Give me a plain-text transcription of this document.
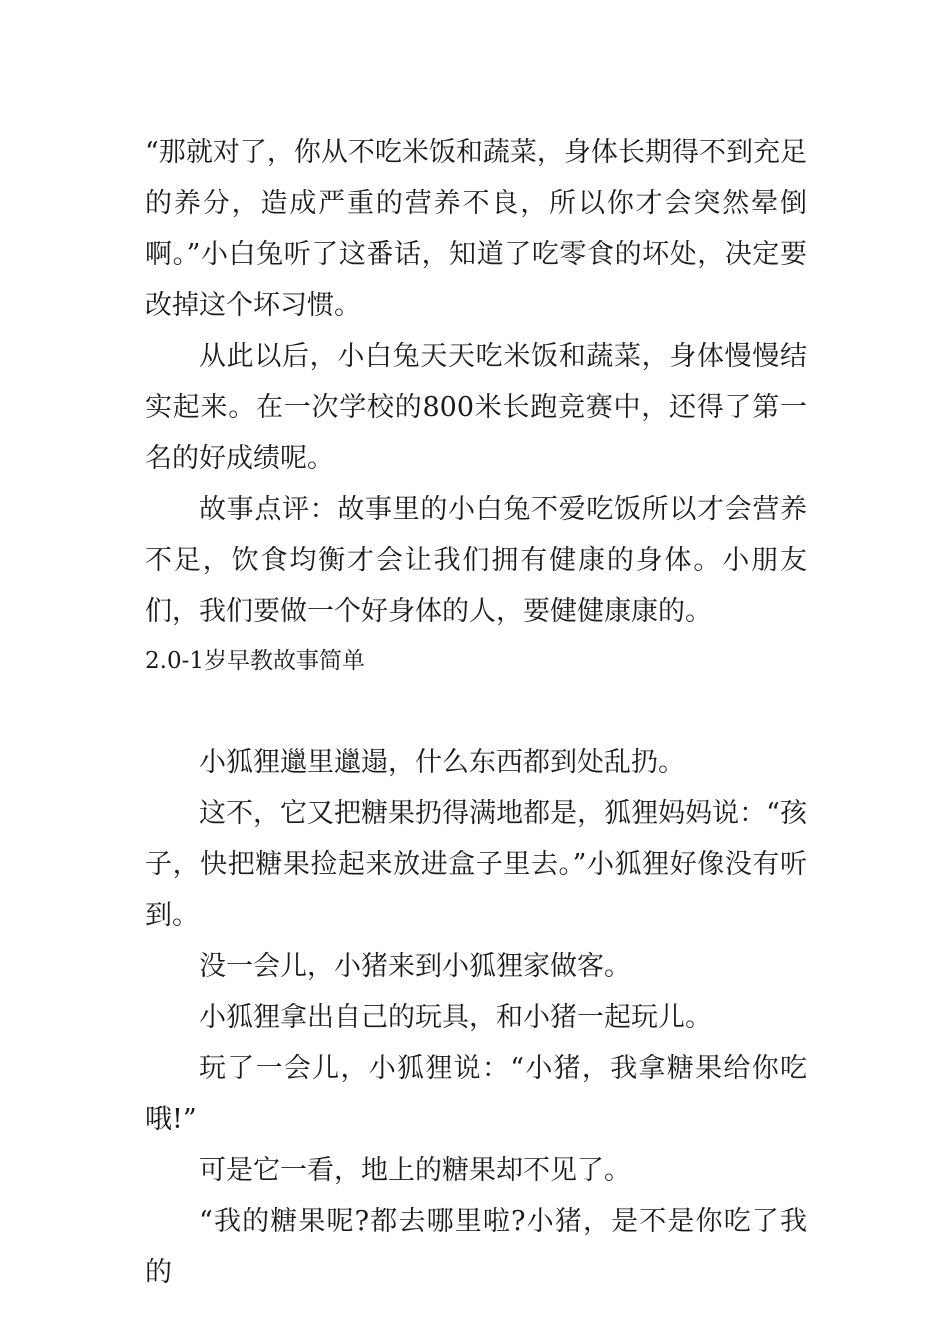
“那就对了，你从不吃米饭和蔬菜，身体长期得不到充足的养分，造成严重的营养不良，所以你才会突然晕倒啊。”小白兔听了这番话，知道了吃零食的坏处，决定要改掉这个坏习惯。

从此以后，小白兔天天吃米饭和蔬菜，身体慢慢结实起来。在一次学校的800米长跑竞赛中，还得了第一名的好成绩呢。

故事点评：故事里的小白兔不爱吃饭所以才会营养不足，饮食均衡才会让我们拥有健康的身体。小朋友们，我们要做一个好身体的人，要健健康康的。

2.0-1岁早教故事简单

小狐狸邋里邋遢，什么东西都到处乱扔。

这不，它又把糖果扔得满地都是，狐狸妈妈说：“孩子，快把糖果捡起来放进盒子里去。”小狐狸好像没有听到。

没一会儿，小猪来到小狐狸家做客。

小狐狸拿出自己的玩具，和小猪一起玩儿。

玩了一会儿，小狐狸说：“小猪，我拿糖果给你吃哦!”

可是它一看，地上的糖果却不见了。

“我的糖果呢?都去哪里啦?小猪，是不是你吃了我的
